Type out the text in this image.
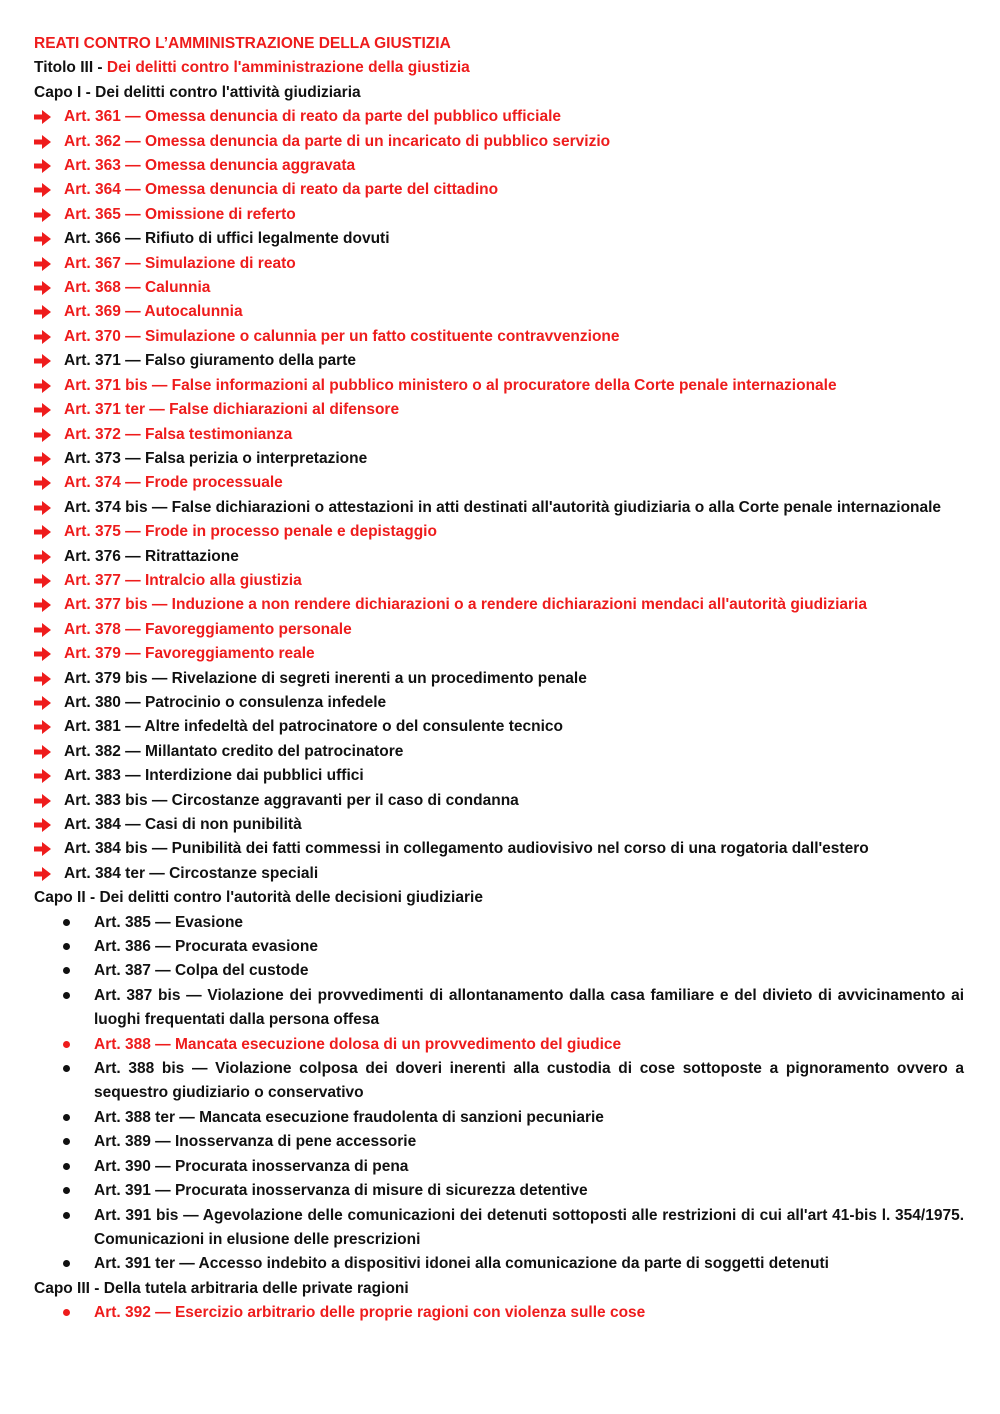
REATI CONTRO L’AMMINISTRAZIONE DELLA GIUSTIZIA
Titolo III - Dei delitti contro l'amministrazione della giustizia
Capo I - Dei delitti contro l'attività giudiziaria
Art. 361 — Omessa denuncia di reato da parte del pubblico ufficiale
Art. 362 — Omessa denuncia da parte di un incaricato di pubblico servizio
Art. 363 — Omessa denuncia aggravata
Art. 364 — Omessa denuncia di reato da parte del cittadino
Art. 365 — Omissione di referto
Art. 366 — Rifiuto di uffici legalmente dovuti
Art. 367 — Simulazione di reato
Art. 368 — Calunnia
Art. 369 — Autocalunnia
Art. 370 — Simulazione o calunnia per un fatto costituente contravvenzione
Art. 371 — Falso giuramento della parte
Art. 371 bis — False informazioni al pubblico ministero o al procuratore della Corte penale internazionale
Art. 371 ter — False dichiarazioni al difensore
Art. 372 — Falsa testimonianza
Art. 373 — Falsa perizia o interpretazione
Art. 374 — Frode processuale
Art. 374 bis — False dichiarazioni o attestazioni in atti destinati all'autorità giudiziaria o alla Corte penale internazionale
Art. 375 — Frode in processo penale e depistaggio
Art. 376 — Ritrattazione
Art. 377 — Intralcio alla giustizia
Art. 377 bis — Induzione a non rendere dichiarazioni o a rendere dichiarazioni mendaci all'autorità giudiziaria
Art. 378 — Favoreggiamento personale
Art. 379 — Favoreggiamento reale
Art. 379 bis — Rivelazione di segreti inerenti a un procedimento penale
Art. 380 — Patrocinio o consulenza infedele
Art. 381 — Altre infedeltà del patrocinatore o del consulente tecnico
Art. 382 — Millantato credito del patrocinatore
Art. 383 — Interdizione dai pubblici uffici
Art. 383 bis — Circostanze aggravanti per il caso di condanna
Art. 384 — Casi di non punibilità
Art. 384 bis — Punibilità dei fatti commessi in collegamento audiovisivo nel corso di una rogatoria dall'estero
Art. 384 ter — Circostanze speciali
Capo II - Dei delitti contro l'autorità delle decisioni giudiziarie
Art. 385 — Evasione
Art. 386 — Procurata evasione
Art. 387 — Colpa del custode
Art. 387 bis — Violazione dei provvedimenti di allontanamento dalla casa familiare e del divieto di avvicinamento ai luoghi frequentati dalla persona offesa
Art. 388 — Mancata esecuzione dolosa di un provvedimento del giudice
Art. 388 bis — Violazione colposa dei doveri inerenti alla custodia di cose sottoposte a pignoramento ovvero a sequestro giudiziario o conservativo
Art. 388 ter — Mancata esecuzione fraudolenta di sanzioni pecuniarie
Art. 389 — Inosservanza di pene accessorie
Art. 390 — Procurata inosservanza di pena
Art. 391 — Procurata inosservanza di misure di sicurezza detentive
Art. 391 bis — Agevolazione delle comunicazioni dei detenuti sottoposti alle restrizioni di cui all'art 41-bis l. 354/1975. Comunicazioni in elusione delle prescrizioni
Art. 391 ter — Accesso indebito a dispositivi idonei alla comunicazione da parte di soggetti detenuti
Capo III - Della tutela arbitraria delle private ragioni
Art. 392 — Esercizio arbitrario delle proprie ragioni con violenza sulle cose
